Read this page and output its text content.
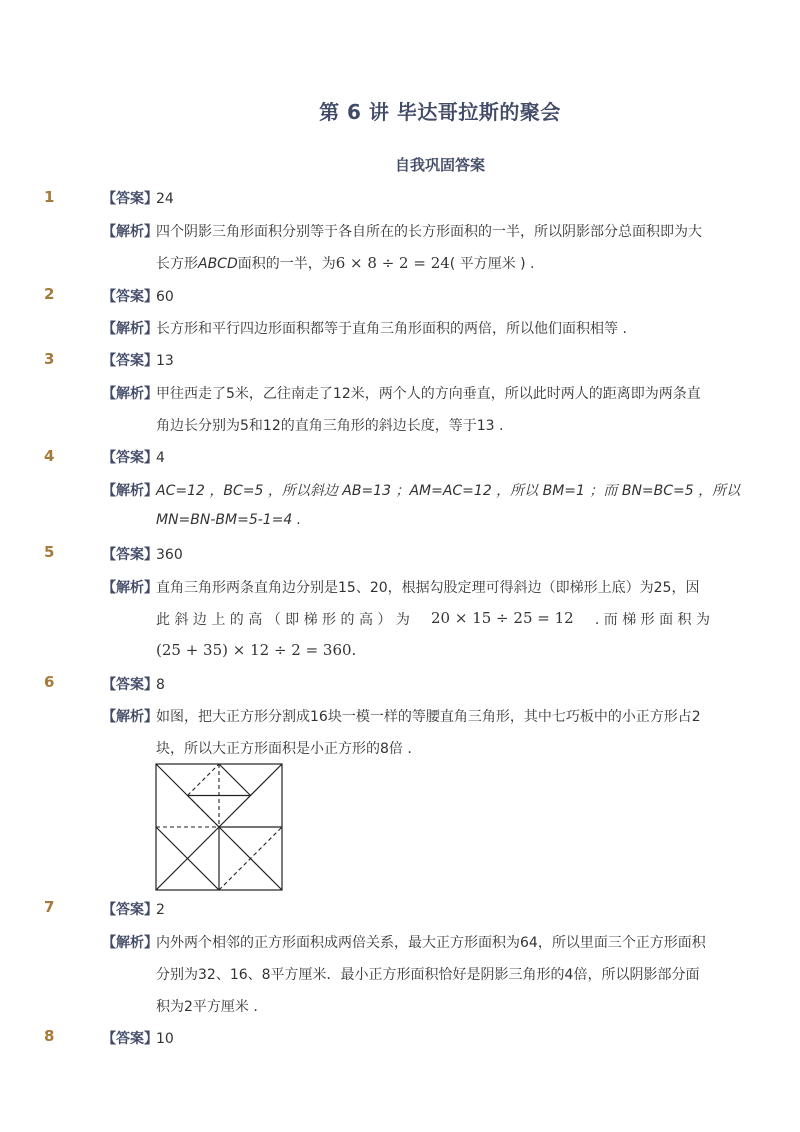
第 6 讲 毕达哥拉斯的聚会
自我巩固答案
1	【答案】24
【解析】四个阴影三角形面积分别等于各自所在的长方形面积的一半，所以阴影部分总面积即为大
长方形ABCD面积的一半，为6 × 8 ÷ 2 = 24( 平方厘米 ) .
2	【答案】60
【解析】长方形和平行四边形面积都等于直角三角形面积的两倍，所以他们面积相等 .
3	【答案】13
【解析】甲往西走了5米，乙往南走了12米，两个人的方向垂直，所以此时两人的距离即为两条直
角边长分别为5和12的直角三角形的斜边长度，等于13 .
4	【答案】4
【解析】AC=12 ，BC=5 ，所以斜边 AB=13 ；AM=AC=12 ，所以 BM=1 ；而 BN=BC=5 ，所以
MN=BN-BM=5-1=4 .
5	【答案】360
【解析】直角三角形两条直角边分别是15、20，根据勾股定理可得斜边（即梯形上底）为25，因
此 斜 边 上 的 高 （ 即 梯 形 的 高 ） 为 20 × 15 ÷ 25 = 12 . 而 梯 形 面 积 为
(25 + 35) × 12 ÷ 2 = 360.
6	【答案】8
【解析】如图，把大正方形分割成16块一模一样的等腰直角三角形，其中七巧板中的小正方形占2
块，所以大正方形面积是小正方形的8倍 .
7	【答案】2
【解析】内外两个相邻的正方形面积成两倍关系，最大正方形面积为64，所以里面三个正方形面积
分别为32、16、8平方厘米．最小正方形面积恰好是阴影三角形的4倍，所以阴影部分面
积为2平方厘米 .
8	【答案】10
